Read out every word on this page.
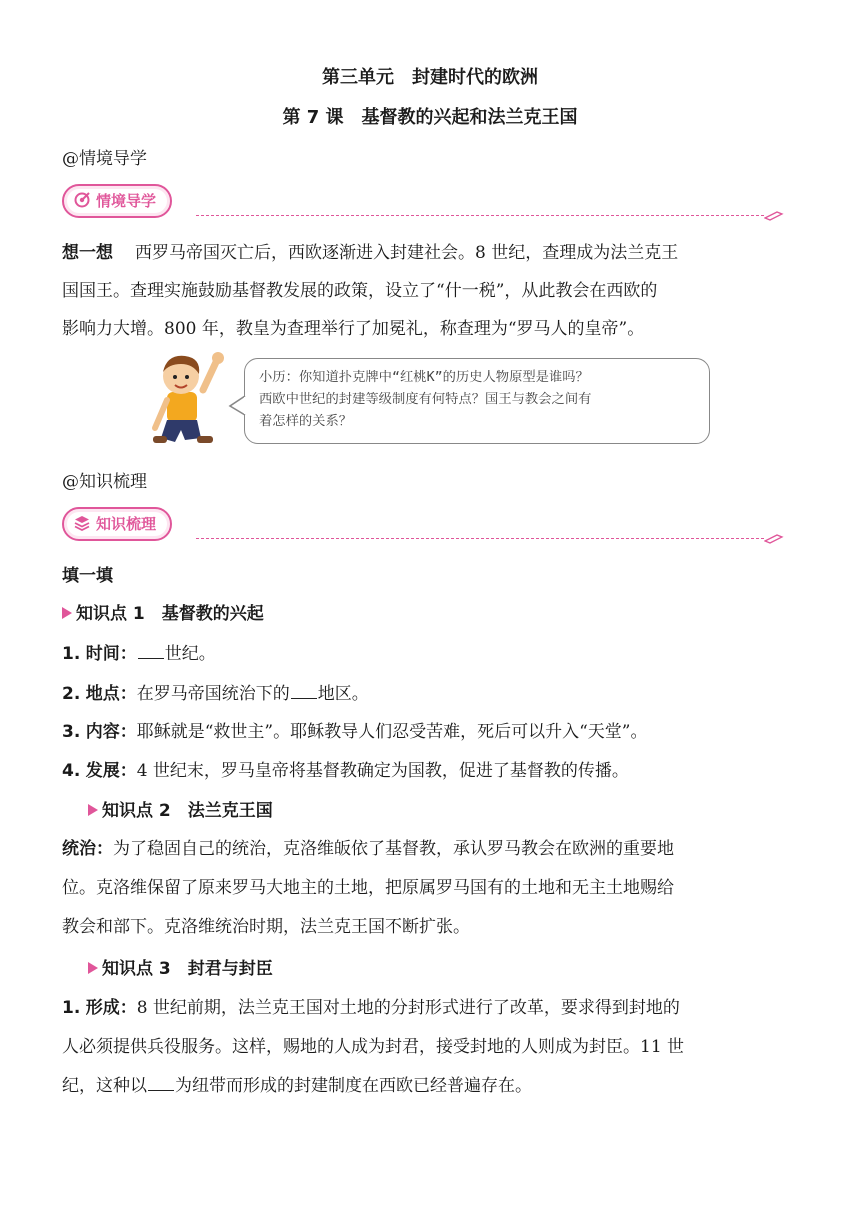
第三单元　封建时代的欧洲
第 7 课　基督教的兴起和法兰克王国
@情境导学
情境导学
想一想 西罗马帝国灭亡后，西欧逐渐进入封建社会。8 世纪，查理成为法兰克王
国国王。查理实施鼓励基督教发展的政策，设立了“什一税”，从此教会在西欧的
影响力大增。800 年，教皇为查理举行了加冕礼，称查理为“罗马人的皇帝”。
小历：你知道扑克牌中“红桃K”的历史人物原型是谁吗？
西欧中世纪的封建等级制度有何特点？国王与教会之间有
着怎样的关系？
@知识梳理
知识梳理
填一填
知识点 1　基督教的兴起
1. 时间： 世纪。
2. 地点：在罗马帝国统治下的 地区。
3. 内容：耶稣就是“救世主”。耶稣教导人们忍受苦难，死后可以升入“天堂”。
4. 发展：4 世纪末，罗马皇帝将基督教确定为国教，促进了基督教的传播。
知识点 2　法兰克王国
统治：为了稳固自己的统治，克洛维皈依了基督教，承认罗马教会在欧洲的重要地
位。克洛维保留了原来罗马大地主的土地，把原属罗马国有的土地和无主土地赐给
教会和部下。克洛维统治时期，法兰克王国不断扩张。
知识点 3　封君与封臣
1. 形成：8 世纪前期，法兰克王国对土地的分封形式进行了改革，要求得到封地的
人必须提供兵役服务。这样，赐地的人成为封君，接受封地的人则成为封臣。11 世
纪，这种以 为纽带而形成的封建制度在西欧已经普遍存在。
